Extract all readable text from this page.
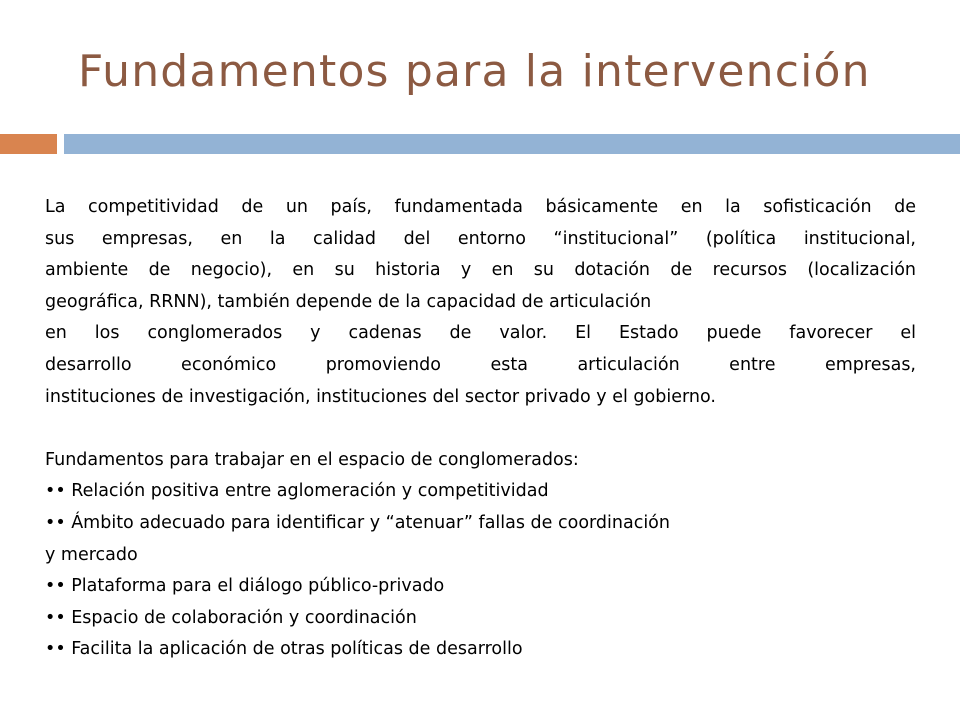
Fundamentos para la intervención
La competitividad de un país, fundamentada básicamente en la sofisticación de
sus empresas, en la calidad del entorno “institucional” (política institucional,
ambiente de negocio), en su historia y en su dotación de recursos (localización
geográfica, RRNN), también depende de la capacidad de articulación
en los conglomerados y cadenas de valor. El Estado puede favorecer el
desarrollo económico promoviendo esta articulación entre empresas,
instituciones de investigación, instituciones del sector privado y el gobierno.
Fundamentos para trabajar en el espacio de conglomerados:
•• Relación positiva entre aglomeración y competitividad
•• Ámbito adecuado para identificar y “atenuar” fallas de coordinación
y mercado
•• Plataforma para el diálogo público-privado
•• Espacio de colaboración y coordinación
•• Facilita la aplicación de otras políticas de desarrollo
